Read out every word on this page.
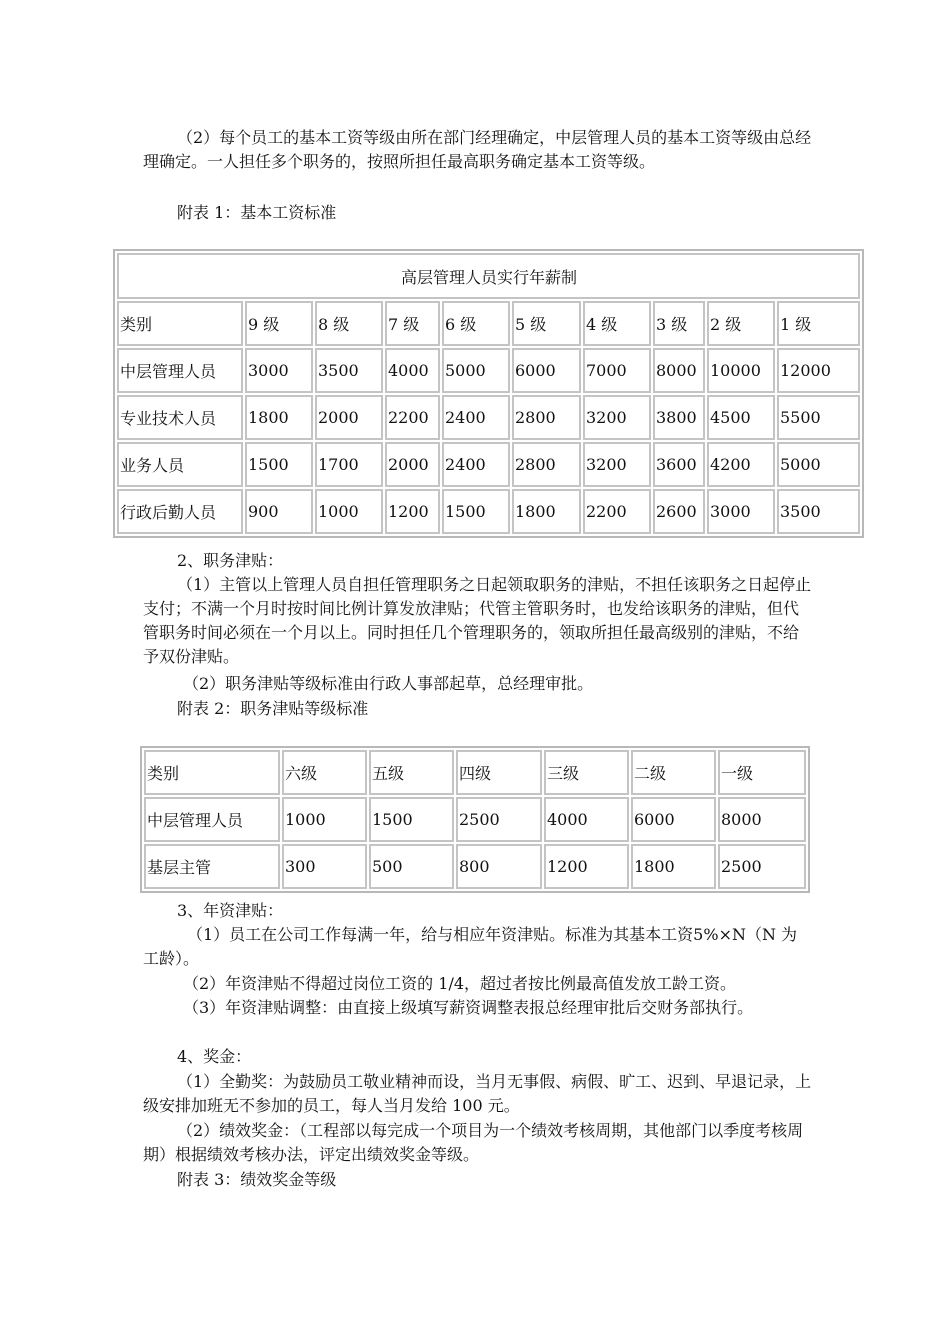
（2）每个员工的基本工资等级由所在部门经理确定，中层管理人员的基本工资等级由总经理确定。一人担任多个职务的，按照所担任最高职务确定基本工资等级。

附表 1：基本工资标准

高层管理人员实行年薪制									
类别	9 级	8 级	7 级	6 级	5 级	4 级	3 级	2 级	1 级
中层管理人员	3000	3500	4000	5000	6000	7000	8000	10000	12000
专业技术人员	1800	2000	2200	2400	2800	3200	3800	4500	5500
业务人员	1500	1700	2000	2400	2800	3200	3600	4200	5000
行政后勤人员	900	1000	1200	1500	1800	2200	2600	3000	3500

2、职务津贴：

（1）主管以上管理人员自担任管理职务之日起领取职务的津贴，不担任该职务之日起停止支付；不满一个月时按时间比例计算发放津贴；代管主管职务时，也发给该职务的津贴，但代管职务时间必须在一个月以上。同时担任几个管理职务的，领取所担任最高级别的津贴，不给予双份津贴。

（2）职务津贴等级标准由行政人事部起草，总经理审批。

附表 2：职务津贴等级标准

类别	六级	五级	四级	三级	二级	一级
中层管理人员	1000	1500	2500	4000	6000	8000
基层主管	300	500	800	1200	1800	2500

3、年资津贴：

（1）员工在公司工作每满一年，给与相应年资津贴。标准为其基本工资5%×N（N 为工龄）。

（2）年资津贴不得超过岗位工资的 1/4，超过者按比例最高值发放工龄工资。

（3）年资津贴调整：由直接上级填写薪资调整表报总经理审批后交财务部执行。

4、奖金：

（1）全勤奖：为鼓励员工敬业精神而设，当月无事假、病假、旷工、迟到、早退记录，上级安排加班无不参加的员工，每人当月发给 100 元。

（2）绩效奖金：（工程部以每完成一个项目为一个绩效考核周期，其他部门以季度考核周期）根据绩效考核办法，评定出绩效奖金等级。

附表 3：绩效奖金等级
